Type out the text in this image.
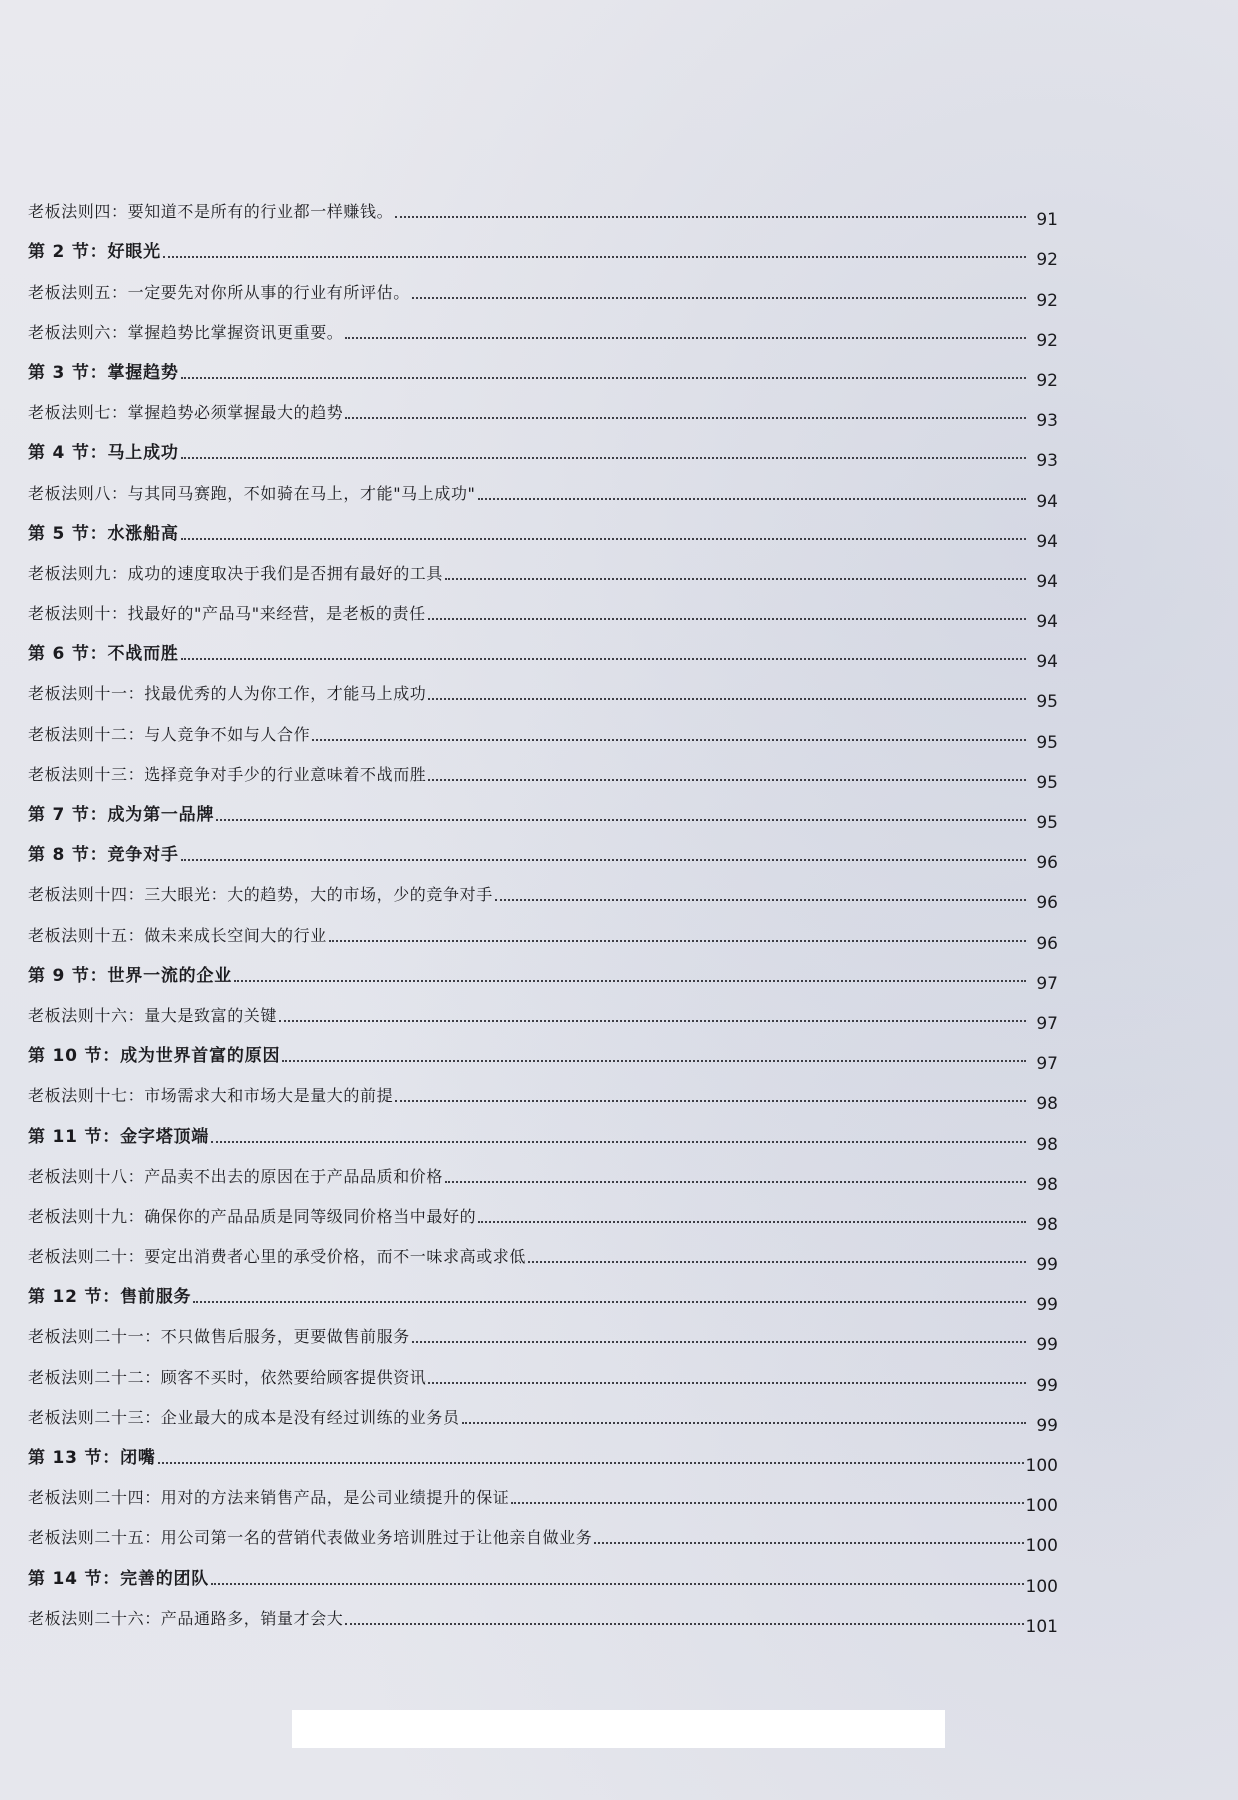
老板法则四：要知道不是所有的行业都一样赚钱。	91
第 2 节：好眼光	92
老板法则五：一定要先对你所从事的行业有所评估。	92
老板法则六：掌握趋势比掌握资讯更重要。	92
第 3 节：掌握趋势	92
老板法则七：掌握趋势必须掌握最大的趋势	93
第 4 节：马上成功	93
老板法则八：与其同马赛跑，不如骑在马上，才能"马上成功"	94
第 5 节：水涨船高	94
老板法则九：成功的速度取决于我们是否拥有最好的工具	94
老板法则十：找最好的"产品马"来经营，是老板的责任	94
第 6 节：不战而胜	94
老板法则十一：找最优秀的人为你工作，才能马上成功	95
老板法则十二：与人竞争不如与人合作	95
老板法则十三：选择竞争对手少的行业意味着不战而胜	95
第 7 节：成为第一品牌	95
第 8 节：竞争对手	96
老板法则十四：三大眼光：大的趋势，大的市场，少的竞争对手	96
老板法则十五：做未来成长空间大的行业	96
第 9 节：世界一流的企业	97
老板法则十六：量大是致富的关键	97
第 10 节：成为世界首富的原因	97
老板法则十七：市场需求大和市场大是量大的前提	98
第 11 节：金字塔顶端	98
老板法则十八：产品卖不出去的原因在于产品品质和价格	98
老板法则十九：确保你的产品品质是同等级同价格当中最好的	98
老板法则二十：要定出消费者心里的承受价格，而不一味求高或求低	99
第 12 节：售前服务	99
老板法则二十一：不只做售后服务，更要做售前服务	99
老板法则二十二：顾客不买时，依然要给顾客提供资讯	99
老板法则二十三：企业最大的成本是没有经过训练的业务员	99
第 13 节：闭嘴	100
老板法则二十四：用对的方法来销售产品，是公司业绩提升的保证	100
老板法则二十五：用公司第一名的营销代表做业务培训胜过于让他亲自做业务	100
第 14 节：完善的团队	100
老板法则二十六：产品通路多，销量才会大	101
